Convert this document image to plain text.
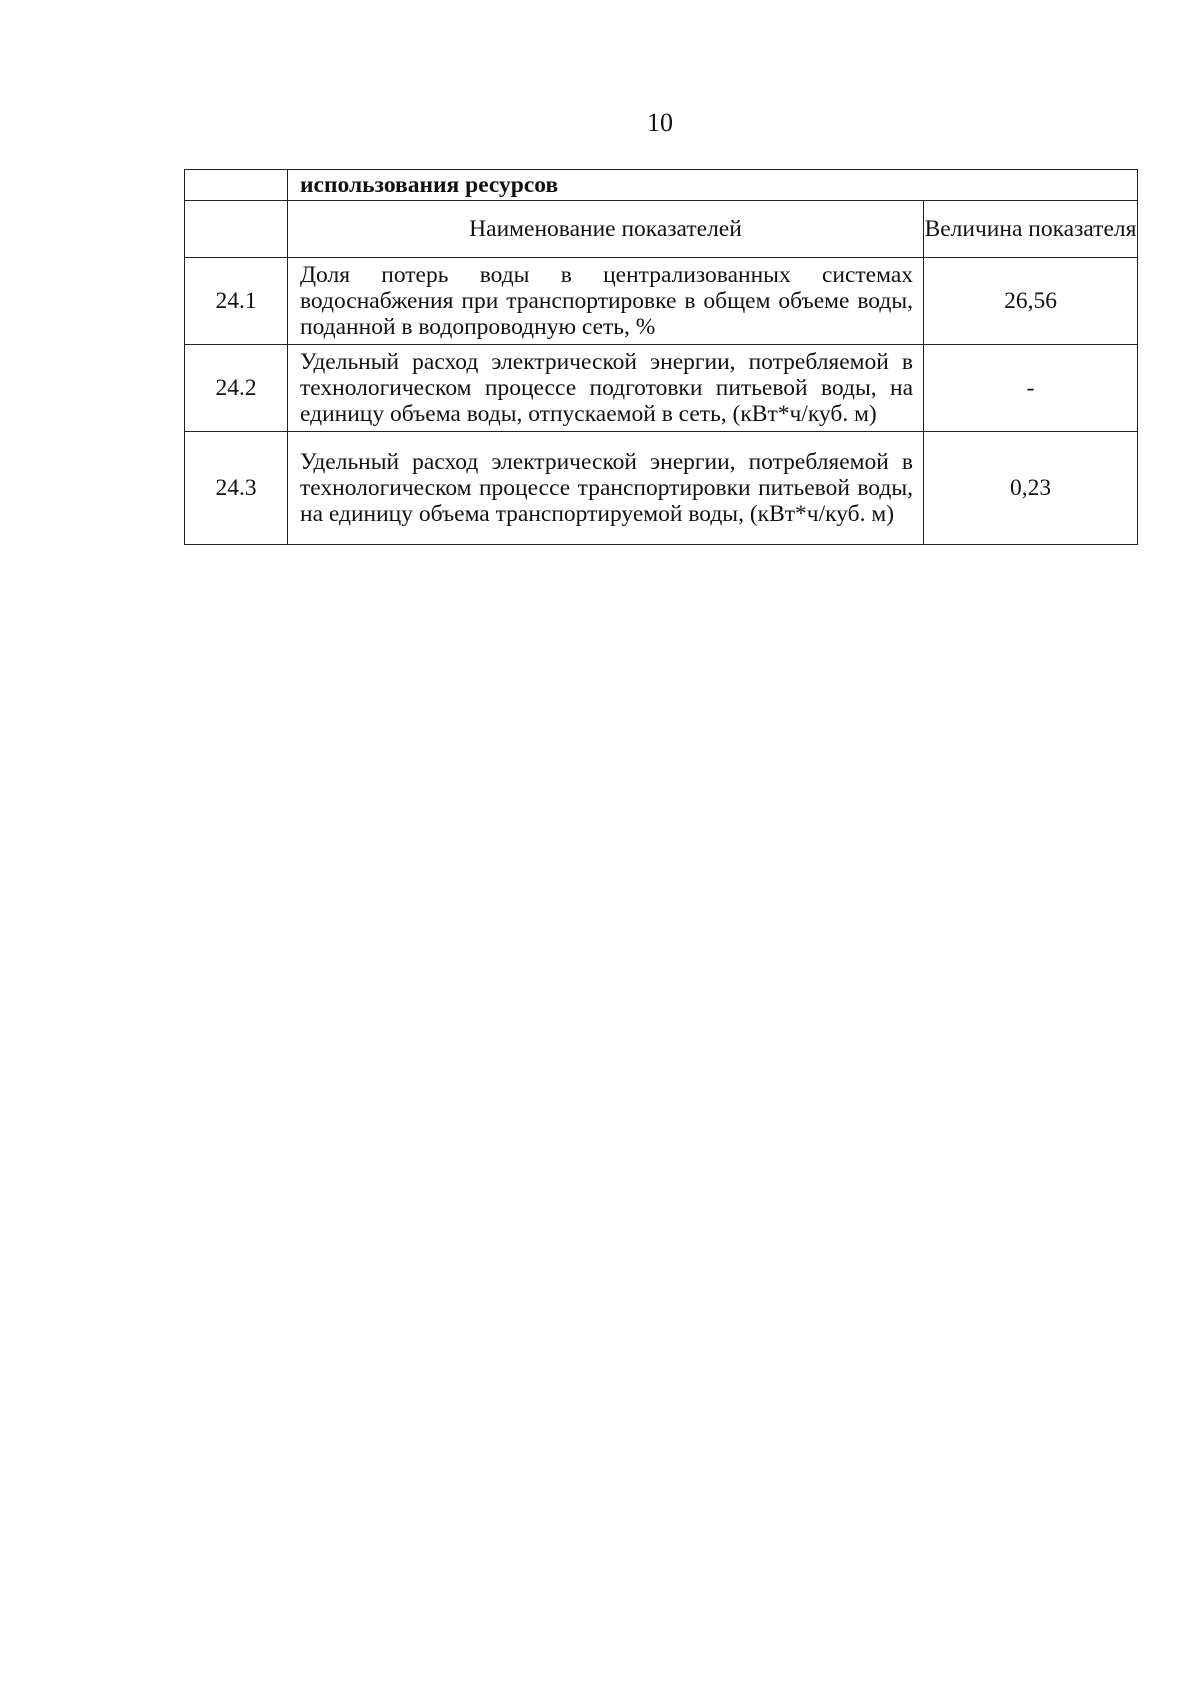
10
	использования ресурсов	
	Наименование показателей	Величина показателя
24.1	Доля потерь воды в централизованных системах водоснабжения при транспортировке в общем объеме воды, поданной в водопроводную сеть, %	26,56
24.2	Удельный расход электрической энергии, потребляемой в технологическом процессе подготовки питьевой воды, на единицу объема воды, отпускаемой в сеть, (кВт*ч/куб. м)	-
24.3	Удельный расход электрической энергии, потребляемой в технологическом процессе транспортировки питьевой воды, на единицу объема транспортируемой воды, (кВт*ч/куб. м)	0,23
